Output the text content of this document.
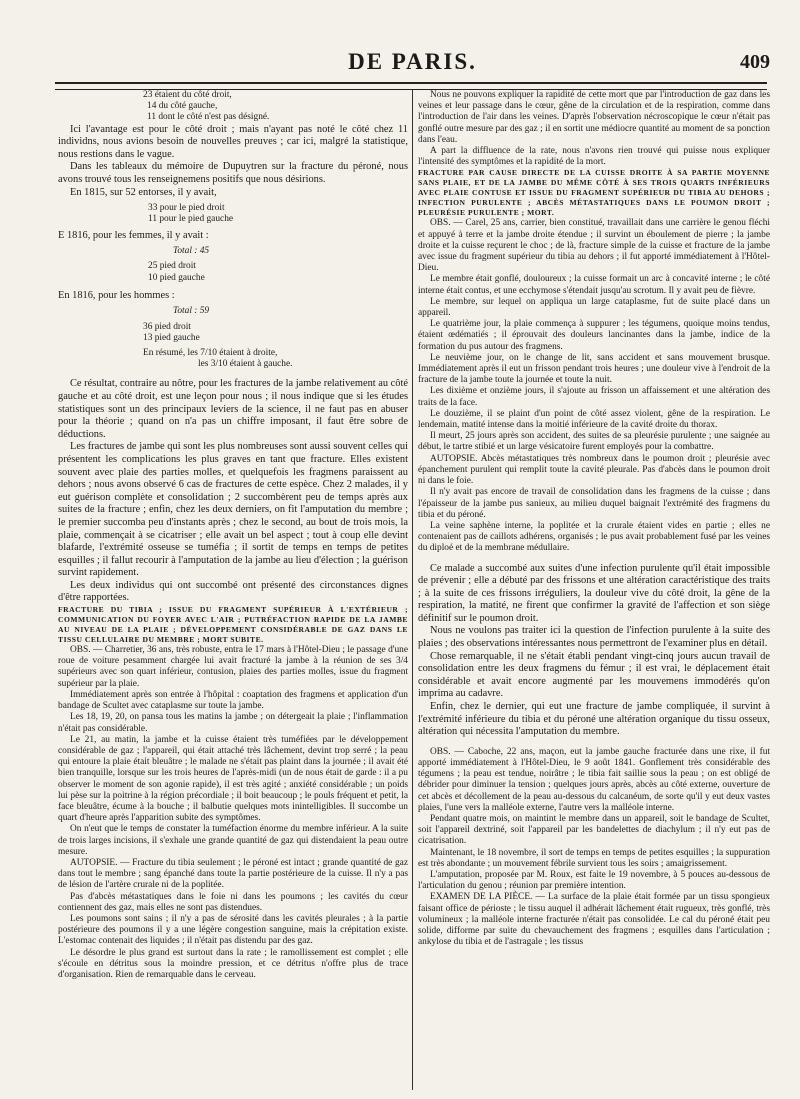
DE PARIS.	409
23 étaient du côté droit,
14 du côté gauche,
11 dont le côté n'est pas désigné.

Ici l'avantage est pour le côté droit ; mais n'ayant pas noté le côté chez 11 individns, nous avions besoin de nouvelles preuves ; car ici, malgré la statistique, nous restions dans le vague.

Dans les tableaux du mémoire de Dupuytren sur la fracture du péroné, nous avons trouvé tous les renseignemens positifs que nous désirions.

En 1815, sur 52 entorses, il y avait,

33 pour le pied droit
11 pour le pied gauche

E 1816, pour les femmes, il y avait :

Total : 45
25 pied droit
10 pied gauche

En 1816, pour les hommes :

Total : 59
36 pied droit
13 pied gauche
En résumé, les 7/10 étaient à droite,
les 3/10 étaient à gauche.

Ce résultat, contraire au nôtre, pour les fractures de la jambe relativement au côté gauche et au côté droit, est une leçon pour nous ; il nous indique que si les études statistiques sont un des principaux leviers de la science, il ne faut pas en abuser pour la théorie ; quand on n'a pas un chiffre imposant, il faut être sobre de déductions.

Les fractures de jambe qui sont les plus nombreuses sont aussi souvent celles qui présentent les complications les plus graves en tant que fracture. Elles existent souvent avec plaie des parties molles, et quelquefois les fragmens paraissent au dehors ; nous avons observé 6 cas de fractures de cette espèce. Chez 2 malades, il y eut guérison complète et consolidation ; 2 succombèrent peu de temps après aux suites de la fracture ; enfin, chez les deux derniers, on fit l'amputation du membre ; le premier succomba peu d'instants après ; chez le second, au bout de trois mois, la plaie, commençait à se cicatriser ; elle avait un bel aspect ; tout à coup elle devint blafarde, l'extrémité osseuse se tuméfia ; il sortit de temps en temps de petites esquilles ; il fallut recourir à l'amputation de la jambe au lieu d'élection ; la guérison survint rapidement.

Les deux individus qui ont succombé ont présenté des circonstances dignes d'être rapportées.

FRACTURE DU TIBIA ; ISSUE DU FRAGMENT SUPÉRIEUR À L'EXTÉRIEUR ; COMMUNICATION DU FOYER AVEC L'AIR ; PUTRÉFACTION RAPIDE DE LA JAMBE AU NIVEAU DE LA PLAIE ; DÉVELOPPEMENT CONSIDÉRABLE DE GAZ DANS LE TISSU CELLULAIRE DU MEMBRE ; MORT SUBITE.

OBS. — Charretier, 36 ans, très robuste, entra le 17 mars à l'Hôtel-Dieu ; le passage d'une roue de voiture pesamment chargée lui avait fracturé la jambe à la réunion de ses 3/4 supérieurs avec son quart inférieur, contusion, plaies des parties molles, issue du fragment supérieur par la plaie.

Immédiatement après son entrée à l'hôpital : coaptation des fragmens et application d'un bandage de Scultet avec cataplasme sur toute la jambe.

Les 18, 19, 20, on pansa tous les matins la jambe ; on détergeait la plaie ; l'inflammation n'était pas considérable.

Le 21, au matin, la jambe et la cuisse étaient très tuméfiées par le développement considérable de gaz ; l'appareil, qui était attaché très lâchement, devint trop serré ; la peau qui entoure la plaie était bleuâtre ; le malade ne s'était pas plaint dans la journée ; il avait été bien tranquille, lorsque sur les trois heures de l'après-midi (un de nous était de garde : il a pu observer le moment de son agonie rapide), il est très agité ; anxiété considérable ; un poids lui pèse sur la poitrine à la région précordiale ; il boit beaucoup ; le pouls fréquent et petit, la face bleuâtre, écume à la bouche ; il balbutie quelques mots inintelligibles. Il succombe un quart d'heure après l'apparition subite des symptômes.

On n'eut que le temps de constater la tuméfaction énorme du membre inférieur. A la suite de trois larges incisions, il s'exhale une grande quantité de gaz qui distendaient la peau outre mesure.

AUTOPSIE. — Fracture du tibia seulement ; le péroné est intact ; grande quantité de gaz dans tout le membre ; sang épanché dans toute la partie postérieure de la cuisse. Il n'y a pas de lésion de l'artère crurale ni de la poplitée.

Pas d'abcès métastatiques dans le foie ni dans les poumons ; les cavités du cœur contiennent des gaz, mais elles ne sont pas distendues.

Les poumons sont sains ; il n'y a pas de sérosité dans les cavités pleurales ; à la partie postérieure des poumons il y a une légère congestion sanguine, mais la crépitation existe. L'estomac contenait des liquides ; il n'était pas distendu par des gaz.

Le désordre le plus grand est surtout dans la rate ; le ramollissement est complet ; elle s'écoule en détritus sous la moindre pression, et ce détritus n'offre plus de trace d'organisation. Rien de remarquable dans le cerveau.

Nous ne pouvons expliquer la rapidité de cette mort que par l'introduction de gaz dans les veines et leur passage dans le cœur, gêne de la circulation et de la respiration, comme dans l'introduction de l'air dans les veines. D'après l'observation nécroscopique le cœur n'était pas gonflé outre mesure par des gaz ; il en sortit une médiocre quantité au moment de sa ponction dans l'eau.

A part la diffluence de la rate, nous n'avons rien trouvé qui puisse nous expliquer l'intensité des symptômes et la rapidité de la mort.

FRACTURE PAR CAUSE DIRECTE DE LA CUISSE DROITE À SA PARTIE MOYENNE SANS PLAIE, ET DE LA JAMBE DU MÊME CÔTÉ À SES TROIS QUARTS INFÉRIEURS AVEC PLAIE CONTUSE ET ISSUE DU FRAGMENT SUPÉRIEUR DU TIBIA AU DEHORS ; INFECTION PURULENTE ; ABCÈS MÉTASTATIQUES DANS LE POUMON DROIT ; PLEURÉSIE PURULENTE ; MORT.

OBS. — Carel, 25 ans, carrier, bien constitué, travaillait dans une carrière le genou fléchi et appuyé à terre et la jambe droite étendue ; il survint un éboulement de pierre ; la jambe droite et la cuisse reçurent le choc ; de là, fracture simple de la cuisse et fracture de la jambe avec issue du fragment supérieur du tibia au dehors ; il fut apporté immédiatement à l'Hôtel-Dieu.

Le membre était gonflé, douloureux ; la cuisse formait un arc à concavité interne ; le côté interne était contus, et une ecchymose s'étendait jusqu'au scrotum. Il y avait peu de fièvre.

Le membre, sur lequel on appliqua un large cataplasme, fut de suite placé dans un appareil.

Le quatrième jour, la plaie commença à suppurer ; les tégumens, quoique moins tendus, étaient œdématiés ; il éprouvait des douleurs lancinantes dans la jambe, indice de la formation du pus autour des fragmens.

Le neuvième jour, on le change de lit, sans accident et sans mouvement brusque. Immédiatement après il eut un frisson pendant trois heures ; une douleur vive à l'endroit de la fracture de la jambe toute la journée et toute la nuit.

Les dixième et onzième jours, il s'ajoute au frisson un affaissement et une altération des traits de la face.

Le douzième, il se plaint d'un point de côté assez violent, gêne de la respiration. Le lendemain, matité intense dans la moitié inférieure de la cavité droite du thorax.

Il meurt, 25 jours après son accident, des suites de sa pleurésie purulente ; une saignée au début, le tartre stibié et un large vésicatoire furent employés pour la combattre.

AUTOPSIE. Abcès métastatiques très nombreux dans le poumon droit ; pleurésie avec épanchement purulent qui remplit toute la cavité pleurale. Pas d'abcès dans le poumon droit ni dans le foie.

Il n'y avait pas encore de travail de consolidation dans les fragmens de la cuisse ; dans l'épaisseur de la jambe pus sanieux, au milieu duquel baignait l'extrémité des fragmens du tibia et du péroné.

La veine saphène interne, la poplitée et la crurale étaient vides en partie ; elles ne contenaient pas de caillots adhérens, organisés ; le pus avait probablement fusé par les veines du diploé et de la membrane médullaire.

Ce malade a succombé aux suites d'une infection purulente qu'il était impossible de prévenir ; elle a débuté par des frissons et une altération caractéristique des traits ; à la suite de ces frissons irréguliers, la douleur vive du côté droit, la gêne de la respiration, la matité, ne firent que confirmer la gravité de l'affection et son siège définitif sur le poumon droit.

Nous ne voulons pas traiter ici la question de l'infection purulente à la suite des plaies ; des observations intéressantes nous permettront de l'examiner plus en détail.

Chose remarquable, il ne s'était établi pendant vingt-cinq jours aucun travail de consolidation entre les deux fragmens du fémur ; il est vrai, le déplacement était considérable et avait encore augmenté par les mouvemens immodérés qu'on imprima au cadavre.

Enfin, chez le dernier, qui eut une fracture de jambe compliquée, il survint à l'extrémité inférieure du tibia et du péroné une altération organique du tissu osseux, altération qui nécessita l'amputation du membre.

OBS. — Caboche, 22 ans, maçon, eut la jambe gauche fracturée dans une rixe, il fut apporté immédiatement à l'Hôtel-Dieu, le 9 août 1841. Gonflement très considérable des tégumens ; la peau est tendue, noirâtre ; le tibia fait saillie sous la peau ; on est obligé de débrider pour diminuer la tension ; quelques jours après, abcès au côté externe, ouverture de cet abcès et décollement de la peau au-dessous du calcanéum, de sorte qu'il y eut deux vastes plaies, l'une vers la malléole externe, l'autre vers la malléole interne.

Pendant quatre mois, on maintint le membre dans un appareil, soit le bandage de Scultet, soit l'appareil dextriné, soit l'appareil par les bandelettes de diachylum ; il n'y eut pas de cicatrisation.

Maintenant, le 18 novembre, il sort de temps en temps de petites esquilles ; la suppuration est très abondante ; un mouvement fébrile survient tous les soirs ; amaigrissement.

L'amputation, proposée par M. Roux, est faite le 19 novembre, à 5 pouces au-dessous de l'articulation du genou ; réunion par première intention.

EXAMEN DE LA PIÈCE. — La surface de la plaie était formée par un tissu spongieux faisant office de périoste ; le tissu auquel il adhérait lâchement était rugueux, très gonflé, très volumineux ; la malléole interne fracturée n'était pas consolidée. Le cal du péroné était peu solide, difforme par suite du chevauchement des fragmens ; esquilles dans l'articulation ; ankylose du tibia et de l'astragale ; les tissus
